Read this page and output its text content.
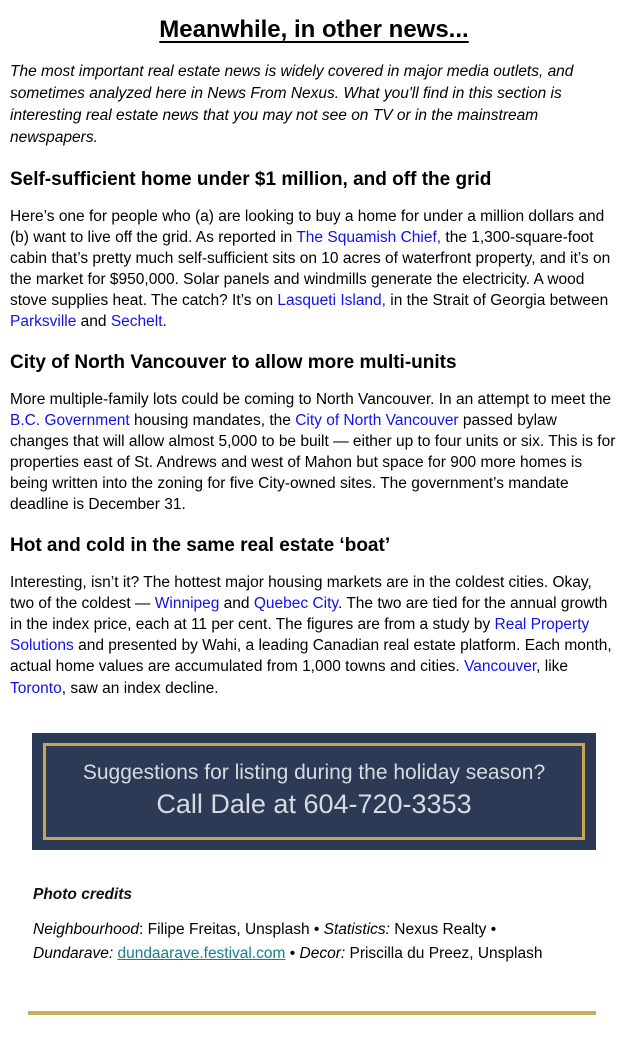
Meanwhile, in other news...

The most important real estate news is widely covered in major media outlets, and sometimes analyzed here in News From Nexus. What you'll find in this section is interesting real estate news that you may not see on TV or in the mainstream newspapers.

Self-sufficient home under $1 million, and off the grid

Here’s one for people who (a) are looking to buy a home for under a million dollars and (b) want to live off the grid. As reported in The Squamish Chief, the 1,300-square-foot cabin that’s pretty much self-sufficient sits on 10 acres of waterfront property, and it’s on the market for $950,000. Solar panels and windmills generate the electricity. A wood stove supplies heat. The catch? It’s on Lasqueti Island, in the Strait of Georgia between Parksville and Sechelt.

City of North Vancouver to allow more multi-units

More multiple-family lots could be coming to North Vancouver. In an attempt to meet the B.C. Government housing mandates, the City of North Vancouver passed bylaw changes that will allow almost 5,000 to be built — either up to four units or six. This is for properties east of St. Andrews and west of Mahon but space for 900 more homes is being written into the zoning for five City-owned sites. The government’s mandate deadline is December 31.

Hot and cold in the same real estate ‘boat’

Interesting, isn’t it? The hottest major housing markets are in the coldest cities. Okay, two of the coldest — Winnipeg and Quebec City. The two are tied for the annual growth in the index price, each at 11 per cent. The figures are from a study by Real Property Solutions and presented by Wahi, a leading Canadian real estate platform. Each month, actual home values are accumulated from 1,000 towns and cities. Vancouver, like Toronto, saw an index decline.

Suggestions for listing during the holiday season?
Call Dale at 604-720-3353
Photo credits

Neighbourhood: Filipe Freitas, Unsplash • Statistics: Nexus Realty • Dundarave: dundaarave.festival.com • Decor: Priscilla du Preez, Unsplash
